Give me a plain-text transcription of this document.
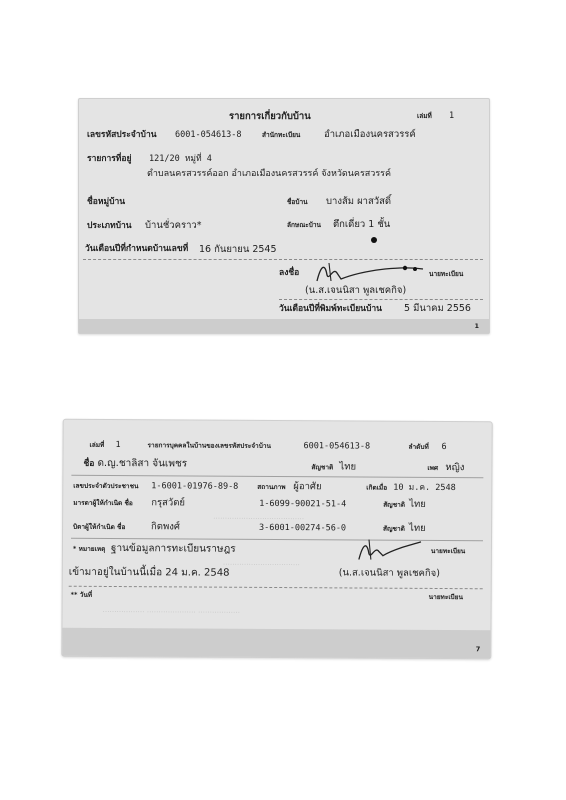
รายการเกี่ยวกับบ้าน	เล่มที่ 1
เลขรหัสประจำบ้าน 6001-054613-8	สำนักทะเบียน อำเภอเมืองนครสวรรค์
รายการที่อยู่ 121/20 หมู่ที่ 4
ตำบลนครสวรรค์ออก อำเภอเมืองนครสวรรค์ จังหวัดนครสวรรค์
ชื่อหมู่บ้าน	ชื่อบ้าน บางส้ม ผาสวัสดิ์
ประเภทบ้าน บ้านชั่วคราว*	ลักษณะบ้าน ตึกเดี่ยว 1 ชั้น
วันเดือนปีที่กำหนดบ้านเลขที่ 16 กันยายน 2545
ลงชื่อ	นายทะเบียน
(น.ส.เจนนิสา พูลเชคกิจ)
วันเดือนปีที่พิมพ์ทะเบียนบ้าน 5 มีนาคม 2556
1
เล่มที่ 1	รายการบุคคลในบ้านของเลขรหัสประจำบ้าน	6001-054613-8	ลำดับที่ 6
ชื่อ ด.ญ.ชาลิสา จันเพชร	สัญชาติ ไทย	เพศ หญิง
เลขประจำตัวประชาชน 1-6001-01976-89-8	สถานภาพ ผู้อาศัย	เกิดเมื่อ 10 ม.ค. 2548
มารดาผู้ให้กำเนิด ชื่อ กรุสวัตย์	1-6099-90021-51-4	สัญชาติ ไทย
…………………………………
บิดาผู้ให้กำเนิด ชื่อ	กิตพงศ์	3-6001-00274-56-0	สัญชาติ ไทย
* หมายเหตุ ฐานข้อมูลการทะเบียนราษฎร	นายทะเบียน
……………………………
เข้ามาอยู่ในบ้านนี้เมื่อ 24 ม.ค. 2548	(น.ส.เจนนิสา พูลเชคกิจ)
** วันที่	นายทะเบียน
……………… ………………… ………………
7
